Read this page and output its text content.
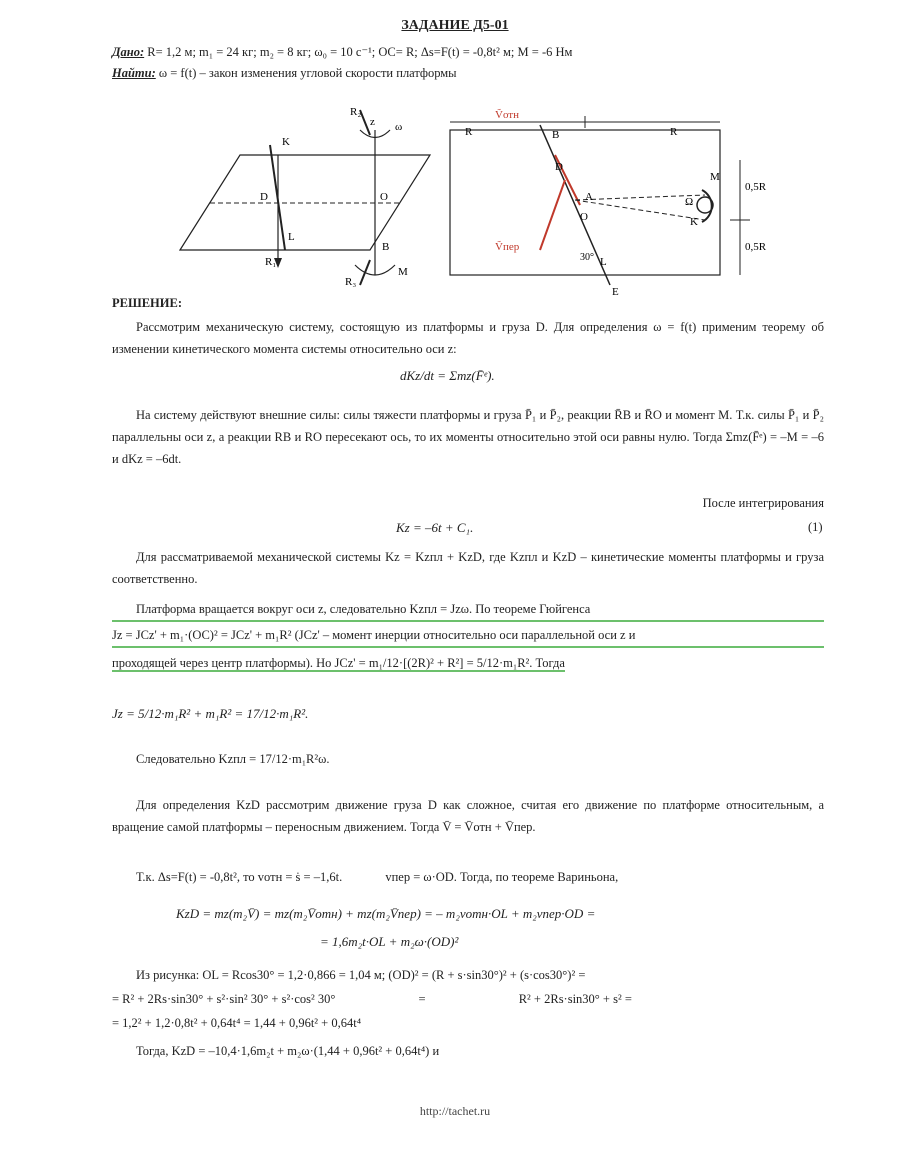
ЗАДАНИЕ Д5-01
Дано: R= 1,2 м; m₁ = 24 кг; m₂ = 8 кг; ω₀ = 10 с⁻¹; OC= R; Δs=F(t) = -0,8t² м; M = -6 Нм
Найти: ω = f(t) – закон изменения угловой скорости платформы
K
D
ω
R₁
R₂
R₃
O
z
L
B
M
Ṽотн
Ṽпер
B
D
A
O
L
M
Ω
K
R	R
0,5R
0,5R
30°
E
РЕШЕНИЕ:
Рассмотрим механическую систему, состоящую из платформы и груза D. Для определения ω = f(t) применим теорему об изменении кинетического момента системы относительно оси z:
dKz/dt = Σmz(F̄ᵉ).
На систему действуют внешние силы: силы тяжести платформы и груза P̄₁ и P̄₂, реакции R̄B и R̄O и момент M. Т.к. силы P̄₁ и P̄₂ параллельны оси z, а реакции RB и RO пересекают ось, то их моменты относительно этой оси равны нулю. Тогда Σmz(F̄ᵉ) = –M = –6 и dKz = –6dt.
После интегрирования
Kz = –6t + C₁.	(1)
Для рассматриваемой механической системы Kz = Kzпл + KzD, где Kzпл и KzD – кинетические моменты платформы и груза соответственно.
Платформа вращается вокруг оси z, следовательно Kzпл = Jzω. По теореме Гюйгенса
Jz = JCz' + m₁·(OC)² = JCz' + m₁R² (JCz' – момент инерции относительно оси параллельной оси z и
проходящей через центр платформы). Но JCz' = m₁/12·[(2R)² + R²] = 5/12·m₁R². Тогда
Jz = 5/12·m₁R² + m₁R² = 17/12·m₁R².
Следовательно Kzпл = 17/12·m₁R²ω.
Для определения KzD рассмотрим движение груза D как сложное, считая его движение по платформе относительным, а вращение самой платформы – переносным движением. Тогда V̄ = V̄отн + V̄пер.
Т.к. Δs=F(t) = -0,8t², то vотн = ṡ = –1,6t.	vпер = ω·OD. Тогда, по теореме Вариньона,
KzD = mz(m₂V̄) = mz(m₂V̄отн) + mz(m₂V̄пер) = – m₂vотн·OL + m₂vпер·OD =
= 1,6m₂t·OL + m₂ω·(OD)²
Из рисунка: OL = Rcos30° = 1,2·0,866 = 1,04 м; (OD)² = (R + s·sin30°)² + (s·cos30°)² =
= R² + 2Rs·sin30° + s²·sin² 30° + s²·cos² 30°	=	R² + 2Rs·sin30° + s² =
= 1,2² + 1,2·0,8t² + 0,64t⁴ = 1,44 + 0,96t² + 0,64t⁴
Тогда, KzD = –10,4·1,6m₂t + m₂ω·(1,44 + 0,96t² + 0,64t⁴) и
http://tachet.ru
